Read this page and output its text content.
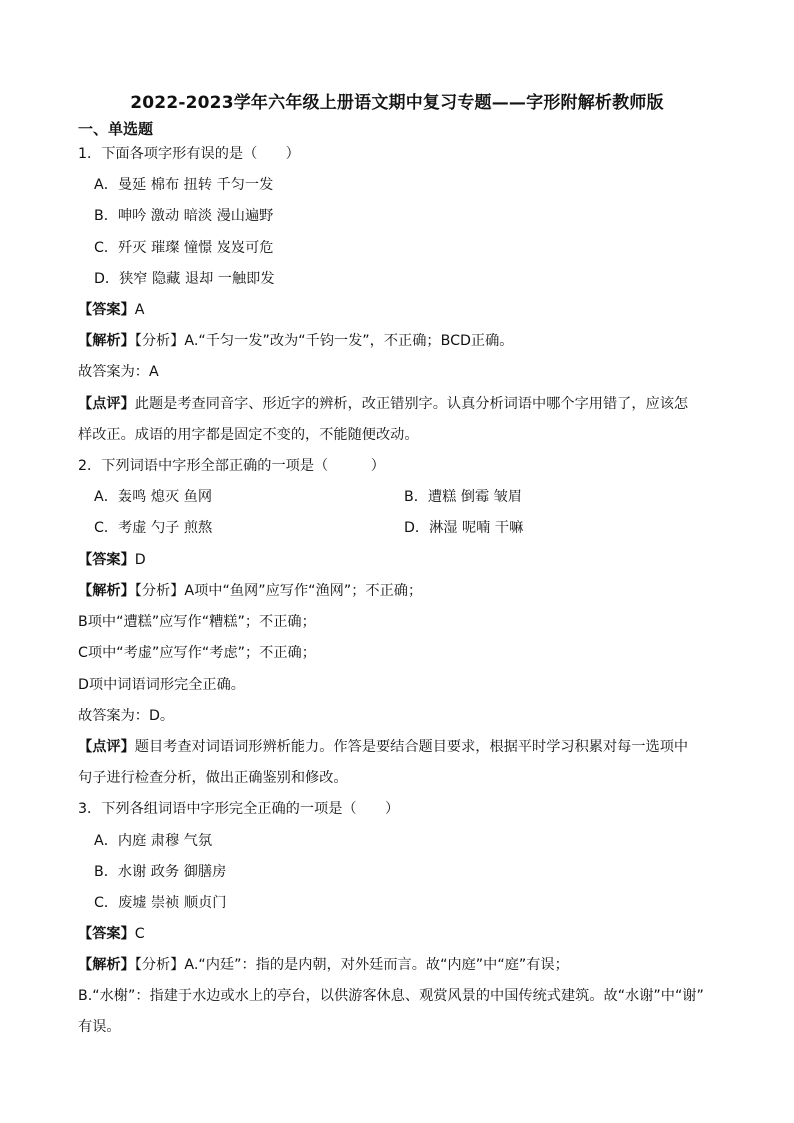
2022-2023学年六年级上册语文期中复习专题——字形附解析教师版
一、单选题
1．下面各项字形有误的是（　　）
A．曼延 棉布 扭转 千匀一发
B．呻吟 激动 暗淡 漫山遍野
C．歼灭 璀璨 憧憬 岌岌可危
D．狭窄 隐藏 退却 一触即发
【答案】A
【解析】【分析】A.“千匀一发”改为“千钧一发”，不正确；BCD正确。
故答案为：A
【点评】此题是考查同音字、形近字的辨析，改正错别字。认真分析词语中哪个字用错了，应该怎
样改正。成语的用字都是固定不变的，不能随便改动。
2．下列词语中字形全部正确的一项是（　　　）
A．轰鸣 熄灭 鱼网	B．遭糕 倒霉 皱眉
C．考虚 勺子 煎熬	D．淋湿 呢喃 干嘛
【答案】D
【解析】【分析】A项中“鱼网”应写作“渔网”；不正确；
B项中“遭糕”应写作“糟糕”；不正确；
C项中“考虚”应写作“考虑”；不正确；
D项中词语词形完全正确。
故答案为：D。
【点评】题目考查对词语词形辨析能力。作答是要结合题目要求，根据平时学习积累对每一选项中
句子进行检查分析，做出正确鉴别和修改。
3．下列各组词语中字形完全正确的一项是（　　）
A．内庭 肃穆 气氛
B．水谢 政务 御膳房
C．废墟 崇祯 顺贞门
【答案】C
【解析】【分析】A.“内廷”：指的是内朝，对外廷而言。故“内庭”中“庭”有误；
B.“水榭”：指建于水边或水上的亭台，以供游客休息、观赏风景的中国传统式建筑。故“水谢”中“谢”
有误。
